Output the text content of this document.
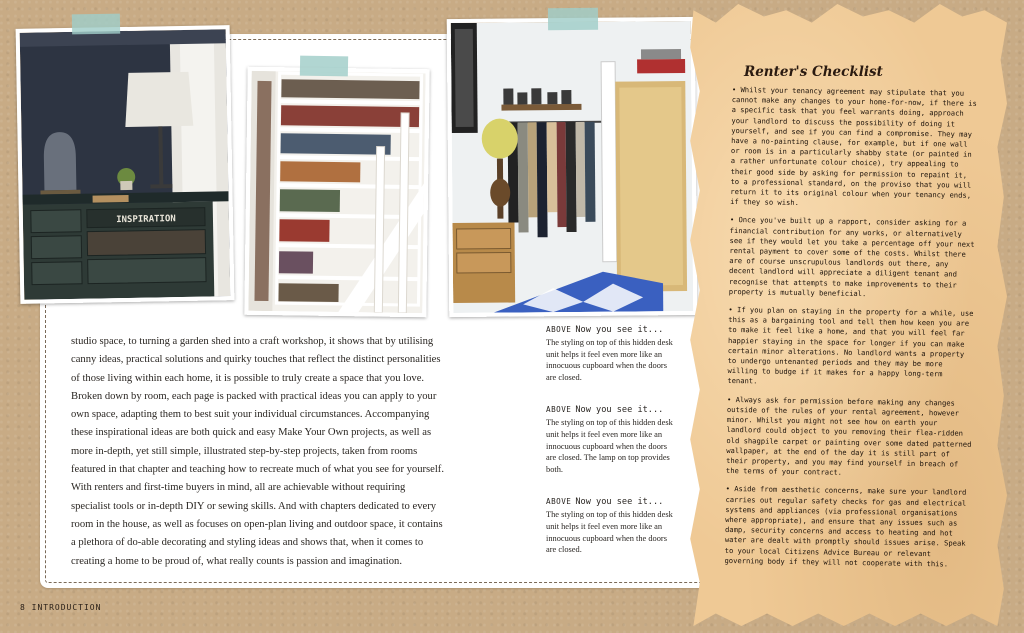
INSPIRATION

studio space, to turning a garden shed into a craft workshop, it shows that by utilising canny ideas, practical solutions and quirky touches that reflect the distinct personalities of those living within each home, it is possible to truly create a space that you love. Broken down by room, each page is packed with practical ideas you can apply to your own space, adapting them to best suit your individual circumstances. Accompanying these inspirational ideas are both quick and easy Make Your Own projects, as well as more in-depth, yet still simple, illustrated step-by-step projects, taken from rooms featured in that chapter and teaching how to recreate much of what you see for yourself. With renters and first-time buyers in mind, all are achievable without requiring specialist tools or in-depth DIY or sewing skills. And with chapters dedicated to every room in the house, as well as focuses on open-plan living and outdoor space, it contains a plethora of do-able decorating and styling ideas and shows that, when it comes to creating a home to be proud of, what really counts is passion and imagination.

ABOVE Now you see it...
The styling on top of this hidden desk unit helps it feel even more like an innocuous cupboard when the doors are closed.
ABOVE Now you see it...
The styling on top of this hidden desk unit helps it feel even more like an innocuous cupboard when the doors are closed. The lamp on top provides both.
ABOVE Now you see it...
The styling on top of this hidden desk unit helps it feel even more like an innocuous cupboard when the doors are closed.
Renter's Checklist

• Whilst your tenancy agreement may stipulate that you cannot make any changes to your home-for-now, if there is a specific task that you feel warrants doing, approach your landlord to discuss the possibility of doing it yourself, and see if you can find a compromise. They may have a no-painting clause, for example, but if one wall or room is in a particularly shabby state (or painted in a rather unfortunate colour choice), try appealing to their good side by asking for permission to repaint it, to a professional standard, on the proviso that you will return it to its original colour when your tenancy ends, if they so wish.

• Once you've built up a rapport, consider asking for a financial contribution for any works, or alternatively see if they would let you take a percentage off your next rental payment to cover some of the costs. Whilst there are of course unscrupulous landlords out there, any decent landlord will appreciate a diligent tenant and recognise that attempts to make improvements to their property is mutually beneficial.

• If you plan on staying in the property for a while, use this as a bargaining tool and tell them how keen you are to make it feel like a home, and that you will feel far happier staying in the space for longer if you can make certain minor alterations. No landlord wants a property to undergo untenanted periods and they may be more willing to budge if it makes for a happy long-term tenant.

• Always ask for permission before making any changes outside of the rules of your rental agreement, however minor. Whilst you might not see how on earth your landlord could object to you removing their flea-ridden old shagpile carpet or painting over some dated patterned wallpaper, at the end of the day it is still part of their property, and you may find yourself in breach of the terms of your contract.

• Aside from aesthetic concerns, make sure your landlord carries out regular safety checks for gas and electrical systems and appliances (via professional organisations where appropriate), and ensure that any issues such as damp, security concerns and access to heating and hot water are dealt with promptly should issues arise. Speak to your local Citizens Advice Bureau or relevant governing body if they will not cooperate with this.

8 INTRODUCTION
